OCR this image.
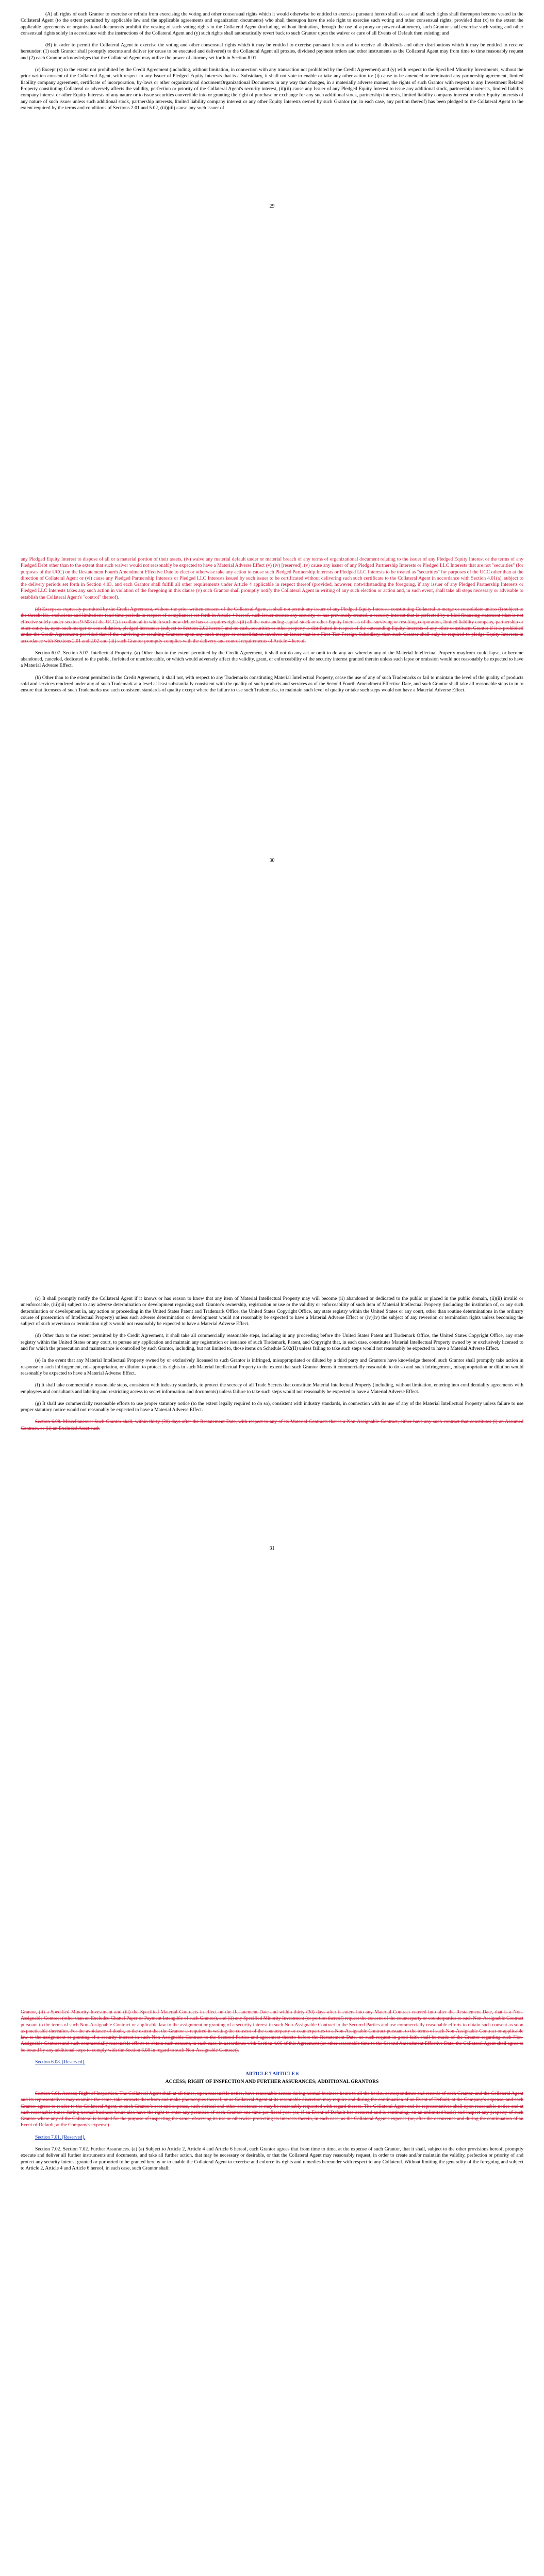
(A) all rights of each Grantor to exercise or refrain from exercising the voting and other consensual rights which it would otherwise be entitled to exercise pursuant hereto shall cease and all such rights shall thereupon become vested in the Collateral Agent (to the extent permitted by applicable law and the applicable agreements and organization documents) who shall thereupon have the sole right to exercise such voting and other consensual rights; provided that (x) to the extent the applicable agreements or organizational documents prohibit the vesting of such voting rights in the Collateral Agent (including, without limitation, through the use of a proxy or power-of-attorney), such Grantor shall exercise such voting and other consensual rights solely in accordance with the instructions of the Collateral Agent and (y) such rights shall automatically revert back to such Grantor upon the waiver or cure of all Events of Default then existing; and

(B) in order to permit the Collateral Agent to exercise the voting and other consensual rights which it may be entitled to exercise pursuant hereto and to receive all dividends and other distributions which it may be entitled to receive hereunder: (1) each Grantor shall promptly execute and deliver (or cause to be executed and delivered) to the Collateral Agent all proxies, dividend payment orders and other instruments as the Collateral Agent may from time to time reasonably request and (2) each Grantor acknowledges that the Collateral Agent may utilize the power of attorney set forth in Section 8.01.

(c) Except (x) to the extent not prohibited by the Credit Agreement (including, without limitation, in connection with any transaction not prohibited by the Credit Agreement) and (y) with respect to the Specified Minority Investments, without the prior written consent of the Collateral Agent, with respect to any Issuer of Pledged Equity Interests that is a Subsidiary, it shall not vote to enable or take any other action to: (i) cause to be amended or terminated any partnership agreement, limited liability company agreement, certificate of incorporation, by-laws or other organizational documentOrganizational Documents in any way that changes, in a materially adverse manner, the rights of such Grantor with respect to any Investment Related Property constituting Collateral or adversely affects the validity, perfection or priority of the Collateral Agent's security interest, (ii)(ii) cause any Issuer of any Pledged Equity Interest to issue any additional stock, partnership interests, limited liability company interest or other Equity Interests of any nature or to issue securities convertible into or granting the right of purchase or exchange for any such additional stock, partnership interests, limited liability company interest or other Equity Interests of any nature of such issuer unless such additional stock, partnership interests, limited liability company interest or any other Equity Interests owned by such Grantor (or, in each case, any portion thereof) has been pledged to the Collateral Agent to the extent required by the terms and conditions of Sections 2.01 and 5.02, (iii)(iii) cause any such issuer of

29

any Pledged Equity Interest to dispose of all or a material portion of their assets, (iv) waive any material default under or material breach of any terms of organizational document relating to the issuer of any Pledged Equity Interest or the terms of any Pledged Debt other than to the extent that such waiver would not reasonably be expected to have a Material Adverse Effect (v) (iv) [reserved], (v) cause any issuer of any Pledged Partnership Interests or Pledged LLC Interests that are not "securities" (for purposes of the UCC) on the Restatement Fourth Amendment Effective Date to elect or otherwise take any action to cause such Pledged Partnership Interests or Pledged LLC Interests to be treated as "securities" for purposes of the UCC other than at the direction of Collateral Agent or (vi) cause any Pledged Partnership Interests or Pledged LLC Interests issued by such issuer to be certificated without delivering such such certificate to the Collateral Agent in accordance with Section 4.01(a), subject to the delivery periods set forth in Section 4.03, and each Grantor shall fulfill all other requirements under Article 4 applicable in respect thereof (provided, however, notwithstanding the foregoing, if any issuer of any Pledged Partnership Interests or Pledged LLC Interests takes any such action in violation of the foregoing in this clause (v) such Grantor shall promptly notify the Collateral Agent in writing of any such election or action and, in such event, shall take all steps necessary or advisable to establish the Collateral Agent's "control" thereof).

(d) Except as expressly permitted by the Credit Agreement, without the prior written consent of the Collateral Agent, it shall not permit any issuer of any Pledged Equity Interests constituting Collateral to merge or consolidate unless (i) subject to the thresholds, exclusions and limitations (and time periods in respect of compliance) set forth in Article 4 hereof, such issuer creates any security, or has previously created, a security interest that is perfected by a filed financing statement (that is not effective solely under section 9-508 of the UCC) in collateral in which such new debtor has or acquires rights (ii) all the outstanding capital stock or other Equity Interests of the surviving or resulting corporation, limited liability company, partnership or other entity is, upon such merger or consolidation, pledged hereunder (subject to Section 2.02 hereof) and no cash, securities or other property is distributed in respect of the outstanding Equity Interests of any other constituent Grantor if it is prohibited under the Credit Agreement; provided that if the surviving or resulting Grantors upon any such merger or consolidation involves an issuer that is a First-Tier Foreign Subsidiary, then such Grantor shall only be required to pledge Equity Interests in accordance with Sections 2.01 and 2.02 and (iii) such Grantor promptly complies with the delivery and control requirements of Article 4 hereof.

Section 6.07. Section 5.07. Intellectual Property. (a) Other than to the extent permitted by the Credit Agreement, it shall not do any act or omit to do any act whereby any of the Material Intellectual Property mayfrom could lapse, or become abandoned, canceled, dedicated to the public, forfeited or unenforceable, or which would adversely affect the validity, grant, or enforceability of the security interest granted therein unless such lapse or omission would not reasonably be expected to have a Material Adverse Effect.

(b) Other than to the extent permitted in the Credit Agreement, it shall not, with respect to any Trademarks constituting Material Intellectual Property, cease the use of any of such Trademarks or fail to maintain the level of the quality of products sold and services rendered under any of such Trademark at a level at least substantially consistent with the quality of such products and services as of the Second Fourth Amendment Effective Date, and such Grantor shall take all reasonable steps to in to ensure that licensees of such Trademarks use such consistent standards of quality except where the failure to use such Trademarks, to maintain such level of quality or take such steps would not have a Material Adverse Effect.

30

(c) It shall promptly notify the Collateral Agent if it knows or has reason to know that any item of Material Intellectual Property may will become (ii) abandoned or dedicated to the public or placed in the public domain, (ii)(ii) invalid or unenforceable, (iii)(iii) subject to any adverse determination or development regarding such Grantor's ownership, registration or use or the validity or enforceability of such item of Material Intellectual Property (including the institution of, or any such determination or development in, any action or proceeding in the United States Patent and Trademark Office, the United States Copyright Office, any state registry within the United States or any court, other than routine determinations in the ordinary course of prosecution of Intellectual Property) unless such adverse determination or development would not reasonably be expected to have a Material Adverse Effect or (iv)(iv) the subject of any reversion or termination rights unless becoming the subject of such reversion or termination rights would not reasonably be expected to have a Material Adverse Effect.

(d) Other than to the extent permitted by the Credit Agreement, it shall take all commercially reasonable steps, including in any proceeding before the United States Patent and Trademark Office, the United States Copyright Office, any state registry within the United States or any court, to pursue any application and maintain any registration or issuance of such Trademark, Patent, and Copyright that, in each case, constitutes Material Intellectual Property owned by or exclusively licensed to and for which the prosecution and maintenance is controlled by such Grantor, including, but not limited to, those items on Schedule 5.02(II) unless failing to take such steps would not reasonably be expected to have a Material Adverse Effect.

(e) In the event that any Material Intellectual Property owned by or exclusively licensed to such Grantor is infringed, misappropriated or diluted by a third party and Grantors have knowledge thereof, such Grantor shall promptly take action in response to such infringement, misappropriation, or dilution to protect its rights in such Material Intellectual Property to the extent that such Grantor deems it commercially reasonable to do so and such infringement, misappropriation or dilution would reasonably be expected to have a Material Adverse Effect.

(f) It shall take commercially reasonable steps, consistent with industry standards, to protect the secrecy of all Trade Secrets that constitute Material Intellectual Property (including, without limitation, entering into confidentiality agreements with employees and consultants and labeling and restricting access to secret information and documents) unless failure to take such steps would not reasonably be expected to have a Material Adverse Effect.

(g) It shall use commercially reasonable efforts to use proper statutory notice (to the extent legally required to do so), consistent with industry standards, in connection with its use of any of the Material Intellectual Property unless failure to use proper statutory notice would not reasonably be expected to have a Material Adverse Effect.

Section 6.08. Miscellaneous: Such Grantor shall, within thirty (30) days after the Restatement Date, with respect to any of its Material Contracts that is a Non-Assignable Contract, either have any such contract that constitutes (i) an Assumed Contract, or (ii) an Excluded Asset such

31

Grantor, (ii) a Specified Minority Investment and (iii) the Specified Material Contracts in effect on the Restatement Date and within thirty (30) days after it enters into any Material Contract entered into after the Restatement Date, that is a Non-Assignable Contract (other than an Excluded Chattel Paper or Payment Intangible of such Grantor), and (ii) any Specified Minority Investment (or portion thereof) request the consent of the counterparty or counterparties to such Non-Assignable Contract pursuant to the terms of such Non-Assignable Contract or applicable law to the assignment or granting of a security interest in such Non-Assignable Contract to the Secured Parties and use commercially reasonable efforts to obtain such consent as soon as practicable thereafter. For the avoidance of doubt, to the extent that the Grantor is required in writing the consent of the counterparty or counterparties to a Non-Assignable Contract pursuant to the terms of such Non-Assignable Contract or applicable law to the assignment or granting of a security interest in such Non-Assignable Contract to the Secured Parties and agreement thereto before the Restatement Date, no such request in good faith shall be made of the Grantor regarding such Non-Assignable Contract and such commercially reasonable efforts to obtain such consent, in each case, in accordance with Section 4.06 of this Agreement (or other reasonable time to the Second Amendment Effective Date, the Collateral Agent shall agree to be bound by any additional steps to comply with the Section 6.08 in regard to such Non-Assignable Contract).

Section 6.08. [Reserved].

ARTICLE 7 ARTICLE 6

ACCESS; RIGHT OF INSPECTION AND FURTHER ASSURANCES; ADDITIONAL GRANTORS

Section 6.01. Access; Right of Inspection. The Collateral Agent shall at all times, upon reasonable notice, have reasonable access during normal business hours to all the books, correspondence and records of each Grantor, and the Collateral Agent and its representatives may examine the same, take extracts therefrom and make photocopies thereof, or as Collateral Agent at its reasonable discretion may require and during the continuation of an Event of Default, at the Company's expense, and each Grantor agrees to render to the Collateral Agent, at such Grantor's cost and expense, such clerical and other assistance as may be reasonably requested with regard thereto. The Collateral Agent and its representatives shall upon reasonable notice and at such reasonable times during normal business hours also have the right to enter any premises of each Grantor one time per fiscal year (or, if an Event of Default has occurred and is continuing, on an unlimited basis) and inspect any property of such Grantor where any of the Collateral is located for the purpose of inspecting the same, observing its use or otherwise protecting its interests therein, in each case, as the Collateral Agent's expense (or, after the occurrence and during the continuation of an Event of Default, at the Company's expense).

Section 7.01. [Reserved].

Section 7.02. Section 7.02. Further Assurances. (a) (a) Subject to Article 2, Article 4 and Article 6 hereof, each Grantor agrees that from time to time, at the expense of such Grantor, that it shall, subject to the other provisions hereof, promptly execute and deliver all further instruments and documents, and take all further action, that may be necessary or desirable, or that the Collateral Agent may reasonably request, in order to create and/or maintain the validity, perfection or priority of and protect any security interest granted or purported to be granted hereby or to enable the Collateral Agent to exercise and enforce its rights and remedies hereunder with respect to any Collateral. Without limiting the generality of the foregoing and subject to Article 2, Article 4 and Article 6 hereof, in each case, such Grantor shall:
